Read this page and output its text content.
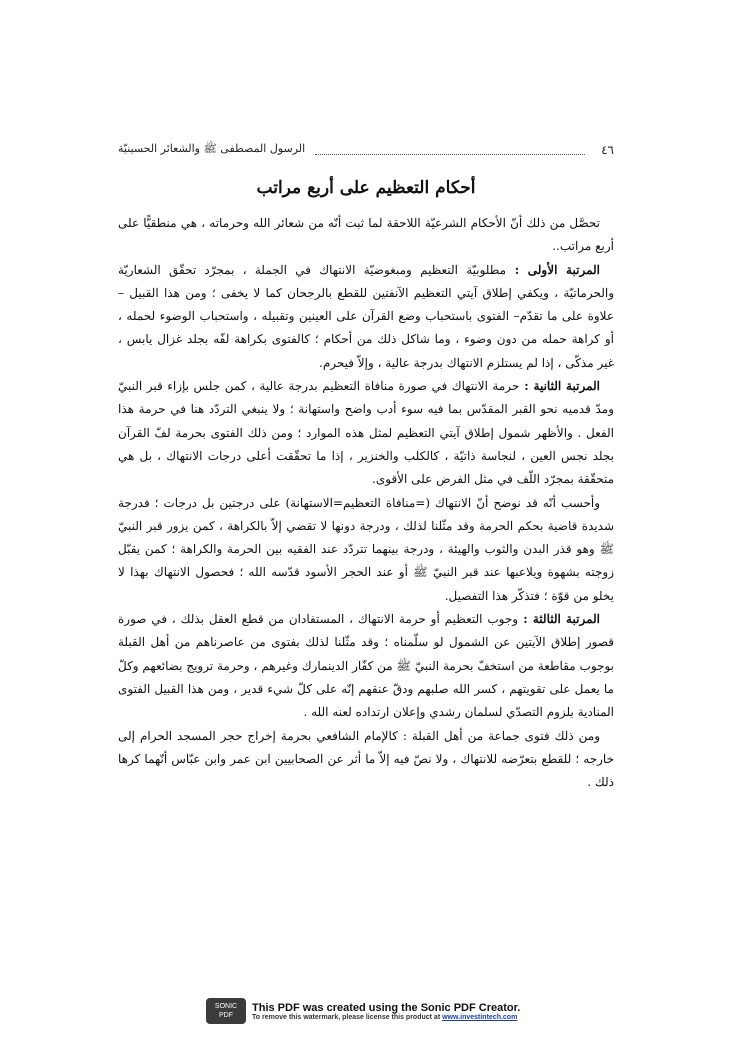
٤٦
الرسول المصطفى ﷺ والشعائر الحسينيّة
أحكام التعظيم على أربع مراتب

تحصَّل من ذلك أنّ الأحكام الشرعيّة اللاحقة لما ثبت أنّه من شعائر الله وحرماته ، هي منطقيًّا على أربع مراتب..

المرتبة الأولى : مطلوبيّة التعظيم ومبغوضيّة الانتهاك في الجملة ، بمجرّد تحقّق الشعاريّة والحرماتيّة ، ويكفي إطلاق آيتي التعظيم الآنفتين للقطع بالرجحان كما لا يخفى ؛ ومن هذا القبيل –علاوة على ما تقدّم– الفتوى باستحباب وضع القرآن على العينين وتقبيله ، واستحباب الوضوء لحمله ، أو كراهة حمله من دون وضوء ، وما شاكل ذلك من أحكام ؛ كالفتوى بكراهة لفّه بجلد غزال يابس ، غير مذكّى ، إذا لم يستلزم الانتهاك بدرجة عالية ، وإلاّ فيحرم.

المرتبة الثانية : حرمة الانتهاك في صورة منافاة التعظيم بدرجة عالية ، كمن جلس بإزاء قبر النبيّ ومدّ قدميه نحو القبر المقدّس بما فيه سوء أدب واضح واستهانة ؛ ولا ينبغي التردّد هنا في حرمة هذا الفعل . والأظهر شمول إطلاق آيتي التعظيم لمثل هذه الموارد ؛ ومن ذلك الفتوى بحرمة لفّ القرآن بجلد نجس العين ، لنجاسة ذاتيّة ، كالكلب والخنزير ، إذا ما تحقّقت أعلى درجات الانتهاك ، بل هي متحقّقة بمجرّد اللّف في مثل الفرض على الأقوى.

وأحسب أنّه قد نوضح أنّ الانتهاك (=منافاة التعظيم=الاستهانة) على درجتين بل درجات ؛ فدرجة شديدة قاضية بحكم الحرمة وقد مثّلنا لذلك ، ودرجة دونها لا تقضي إلاّ بالكراهة ، كمن يزور قبر النبيّ ﷺ وهو قذر البدن والثوب والهيئة ، ودرجة بينهما تتردّد عند الفقيه بين الحرمة والكراهة ؛ كمن يقبّل زوجته بشهوة ويلاعبها عند قبر النبيّ ﷺ أو عند الحجر الأسود قدّسه الله ؛ فحصول الانتهاك بهذا لا يخلو من قوّة ؛ فتذكّر هذا التفصيل.

المرتبة الثالثة : وجوب التعظيم أو حرمة الانتهاك ، المستفادان من قطع العقل بذلك ، في صورة قصور إطلاق الآيتين عن الشمول لو سلّمناه ؛ وقد مثّلنا لذلك بفتوى من عاصرناهم من أهل القبلة بوجوب مقاطعة من استخفّ بحرمة النبيّ ﷺ من كفّار الدينمارك وغيرهم ، وحرمة ترويج بضائعهم وكلّ ما يعمل على تقويتهم ، كسر الله صلبهم ودقّ عنقهم إنّه على كلّ شيء قدير ، ومن هذا القبيل الفتوى المنادية بلزوم التصدّي لسلمان رشدي وإعلان ارتداده لعنه الله .

ومن ذلك فتوى جماعة من أهل القبلة : كالإمام الشافعي بحرمة إخراج حجر المسجد الحرام إلى خارجه ؛ للقطع بتعرّضه للانتهاك ، ولا نصّ فيه إلاّ ما أثر عن الصحابيين ابن عمر وابن عبّاس أنّهما كرها ذلك .

SONIC
PDF
This PDF was created using the Sonic PDF Creator.
To remove this watermark, please license this product at www.investintech.com
